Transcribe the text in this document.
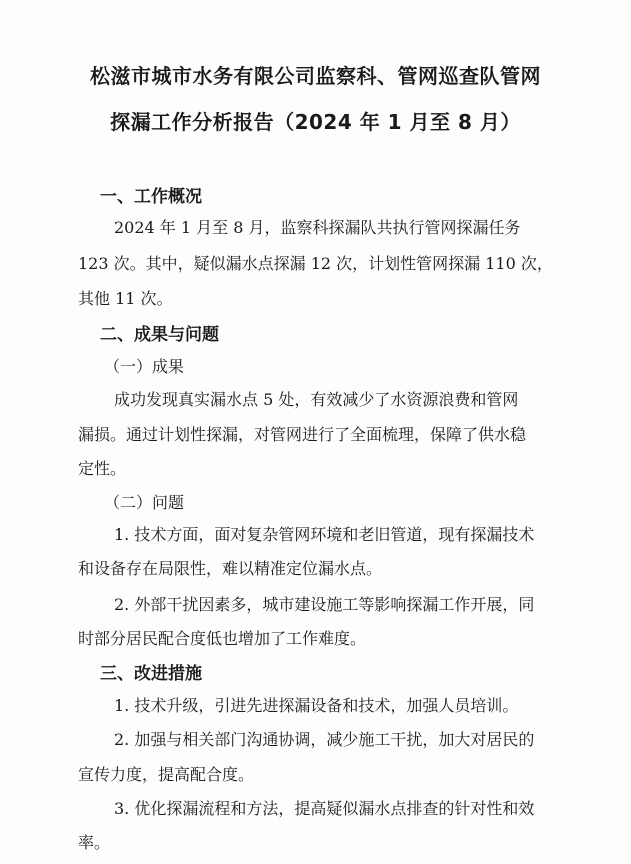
松滋市城市水务有限公司监察科、管网巡查队管网
探漏工作分析报告（2024 年 1 月至 8 月）
一、工作概况
2024 年 1 月至 8 月，监察科探漏队共执行管网探漏任务
123 次。其中，疑似漏水点探漏 12 次，计划性管网探漏 110 次，
其他 11 次。
二、成果与问题
（一）成果
成功发现真实漏水点 5 处，有效减少了水资源浪费和管网
漏损。通过计划性探漏，对管网进行了全面梳理，保障了供水稳
定性。
（二）问题
1. 技术方面，面对复杂管网环境和老旧管道，现有探漏技术
和设备存在局限性，难以精准定位漏水点。
2. 外部干扰因素多，城市建设施工等影响探漏工作开展，同
时部分居民配合度低也增加了工作难度。
三、改进措施
1. 技术升级，引进先进探漏设备和技术，加强人员培训。
2. 加强与相关部门沟通协调，减少施工干扰，加大对居民的
宣传力度，提高配合度。
3. 优化探漏流程和方法，提高疑似漏水点排查的针对性和效
率。
